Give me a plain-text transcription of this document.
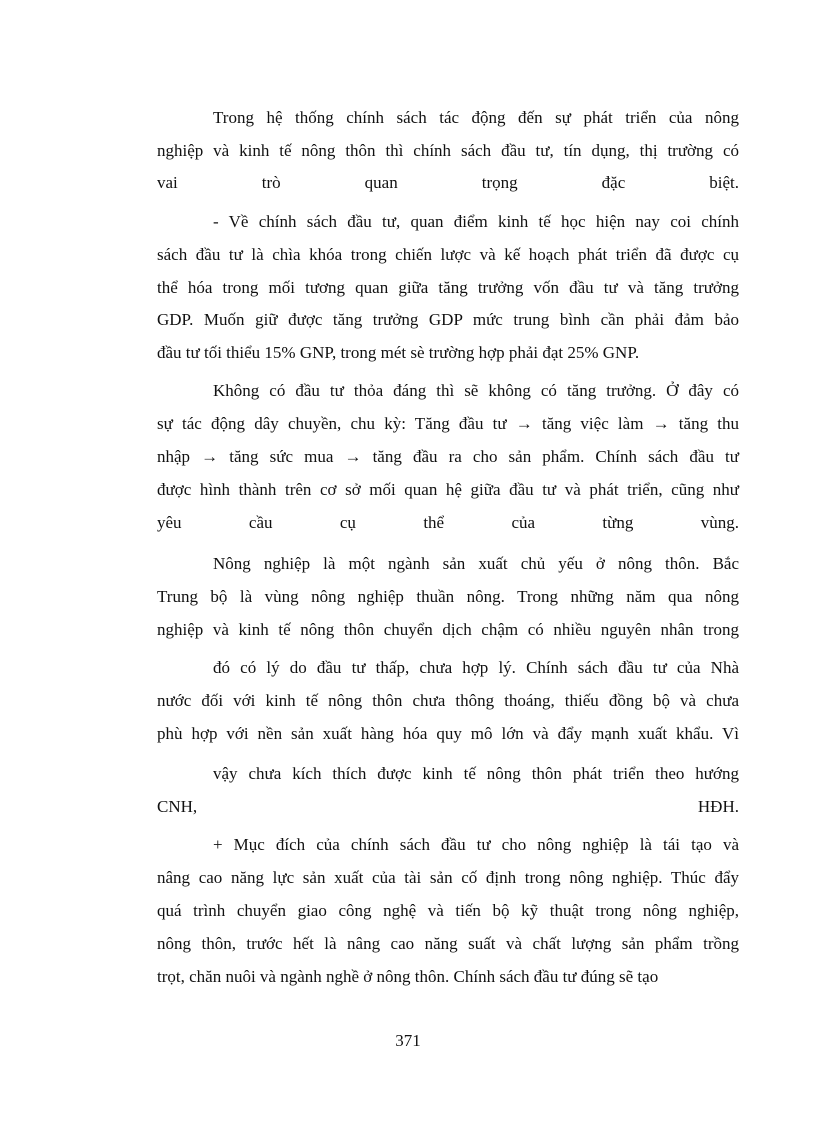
Trong hệ thống chính sách tác động đến sự phát triển của nông
nghiệp và kinh tế nông thôn thì chính sách đầu tư, tín dụng, thị trường có
vai trò quan trọng đặc biệt.
- Về chính sách đầu tư, quan điểm kinh tế học hiện nay coi chính
sách đầu tư là chìa khóa trong chiến lược và kế hoạch phát triển đã được cụ
thể hóa trong mối tương quan giữa tăng trưởng vốn đầu tư và tăng trưởng
GDP. Muốn giữ được tăng trưởng GDP mức trung bình cần phải đảm bảo
đầu tư tối thiểu 15% GNP, trong mét sè trường hợp phải đạt 25% GNP.
Không có đầu tư thỏa đáng thì sẽ không có tăng trưởng. Ở đây có
sự tác động dây chuyền, chu kỳ: Tăng đầu tư → tăng việc làm → tăng thu
nhập → tăng sức mua → tăng đầu ra cho sản phẩm. Chính sách đầu tư
được hình thành trên cơ sở mối quan hệ giữa đầu tư và phát triển, cũng như
yêu cầu cụ thể của từng vùng.
Nông nghiệp là một ngành sản xuất chủ yếu ở nông thôn. Bắc
Trung bộ là vùng nông nghiệp thuần nông. Trong những năm qua nông
nghiệp và kinh tế nông thôn chuyển dịch chậm có nhiều nguyên nhân trong
đó có lý do đầu tư thấp, chưa hợp lý. Chính sách đầu tư của Nhà
nước đối với kinh tế nông thôn chưa thông thoáng, thiếu đồng bộ và chưa
phù hợp với nền sản xuất hàng hóa quy mô lớn và đẩy mạnh xuất khẩu. Vì
vậy chưa kích thích được kinh tế nông thôn phát triển theo hướng
CNH, HĐH.
+ Mục đích của chính sách đầu tư cho nông nghiệp là tái tạo và
nâng cao năng lực sản xuất của tài sản cố định trong nông nghiệp. Thúc đẩy
quá trình chuyển giao công nghệ và tiến bộ kỹ thuật trong nông nghiệp,
nông thôn, trước hết là nâng cao năng suất và chất lượng sản phẩm trồng
trọt, chăn nuôi và ngành nghề ở nông thôn. Chính sách đầu tư đúng sẽ tạo
371
